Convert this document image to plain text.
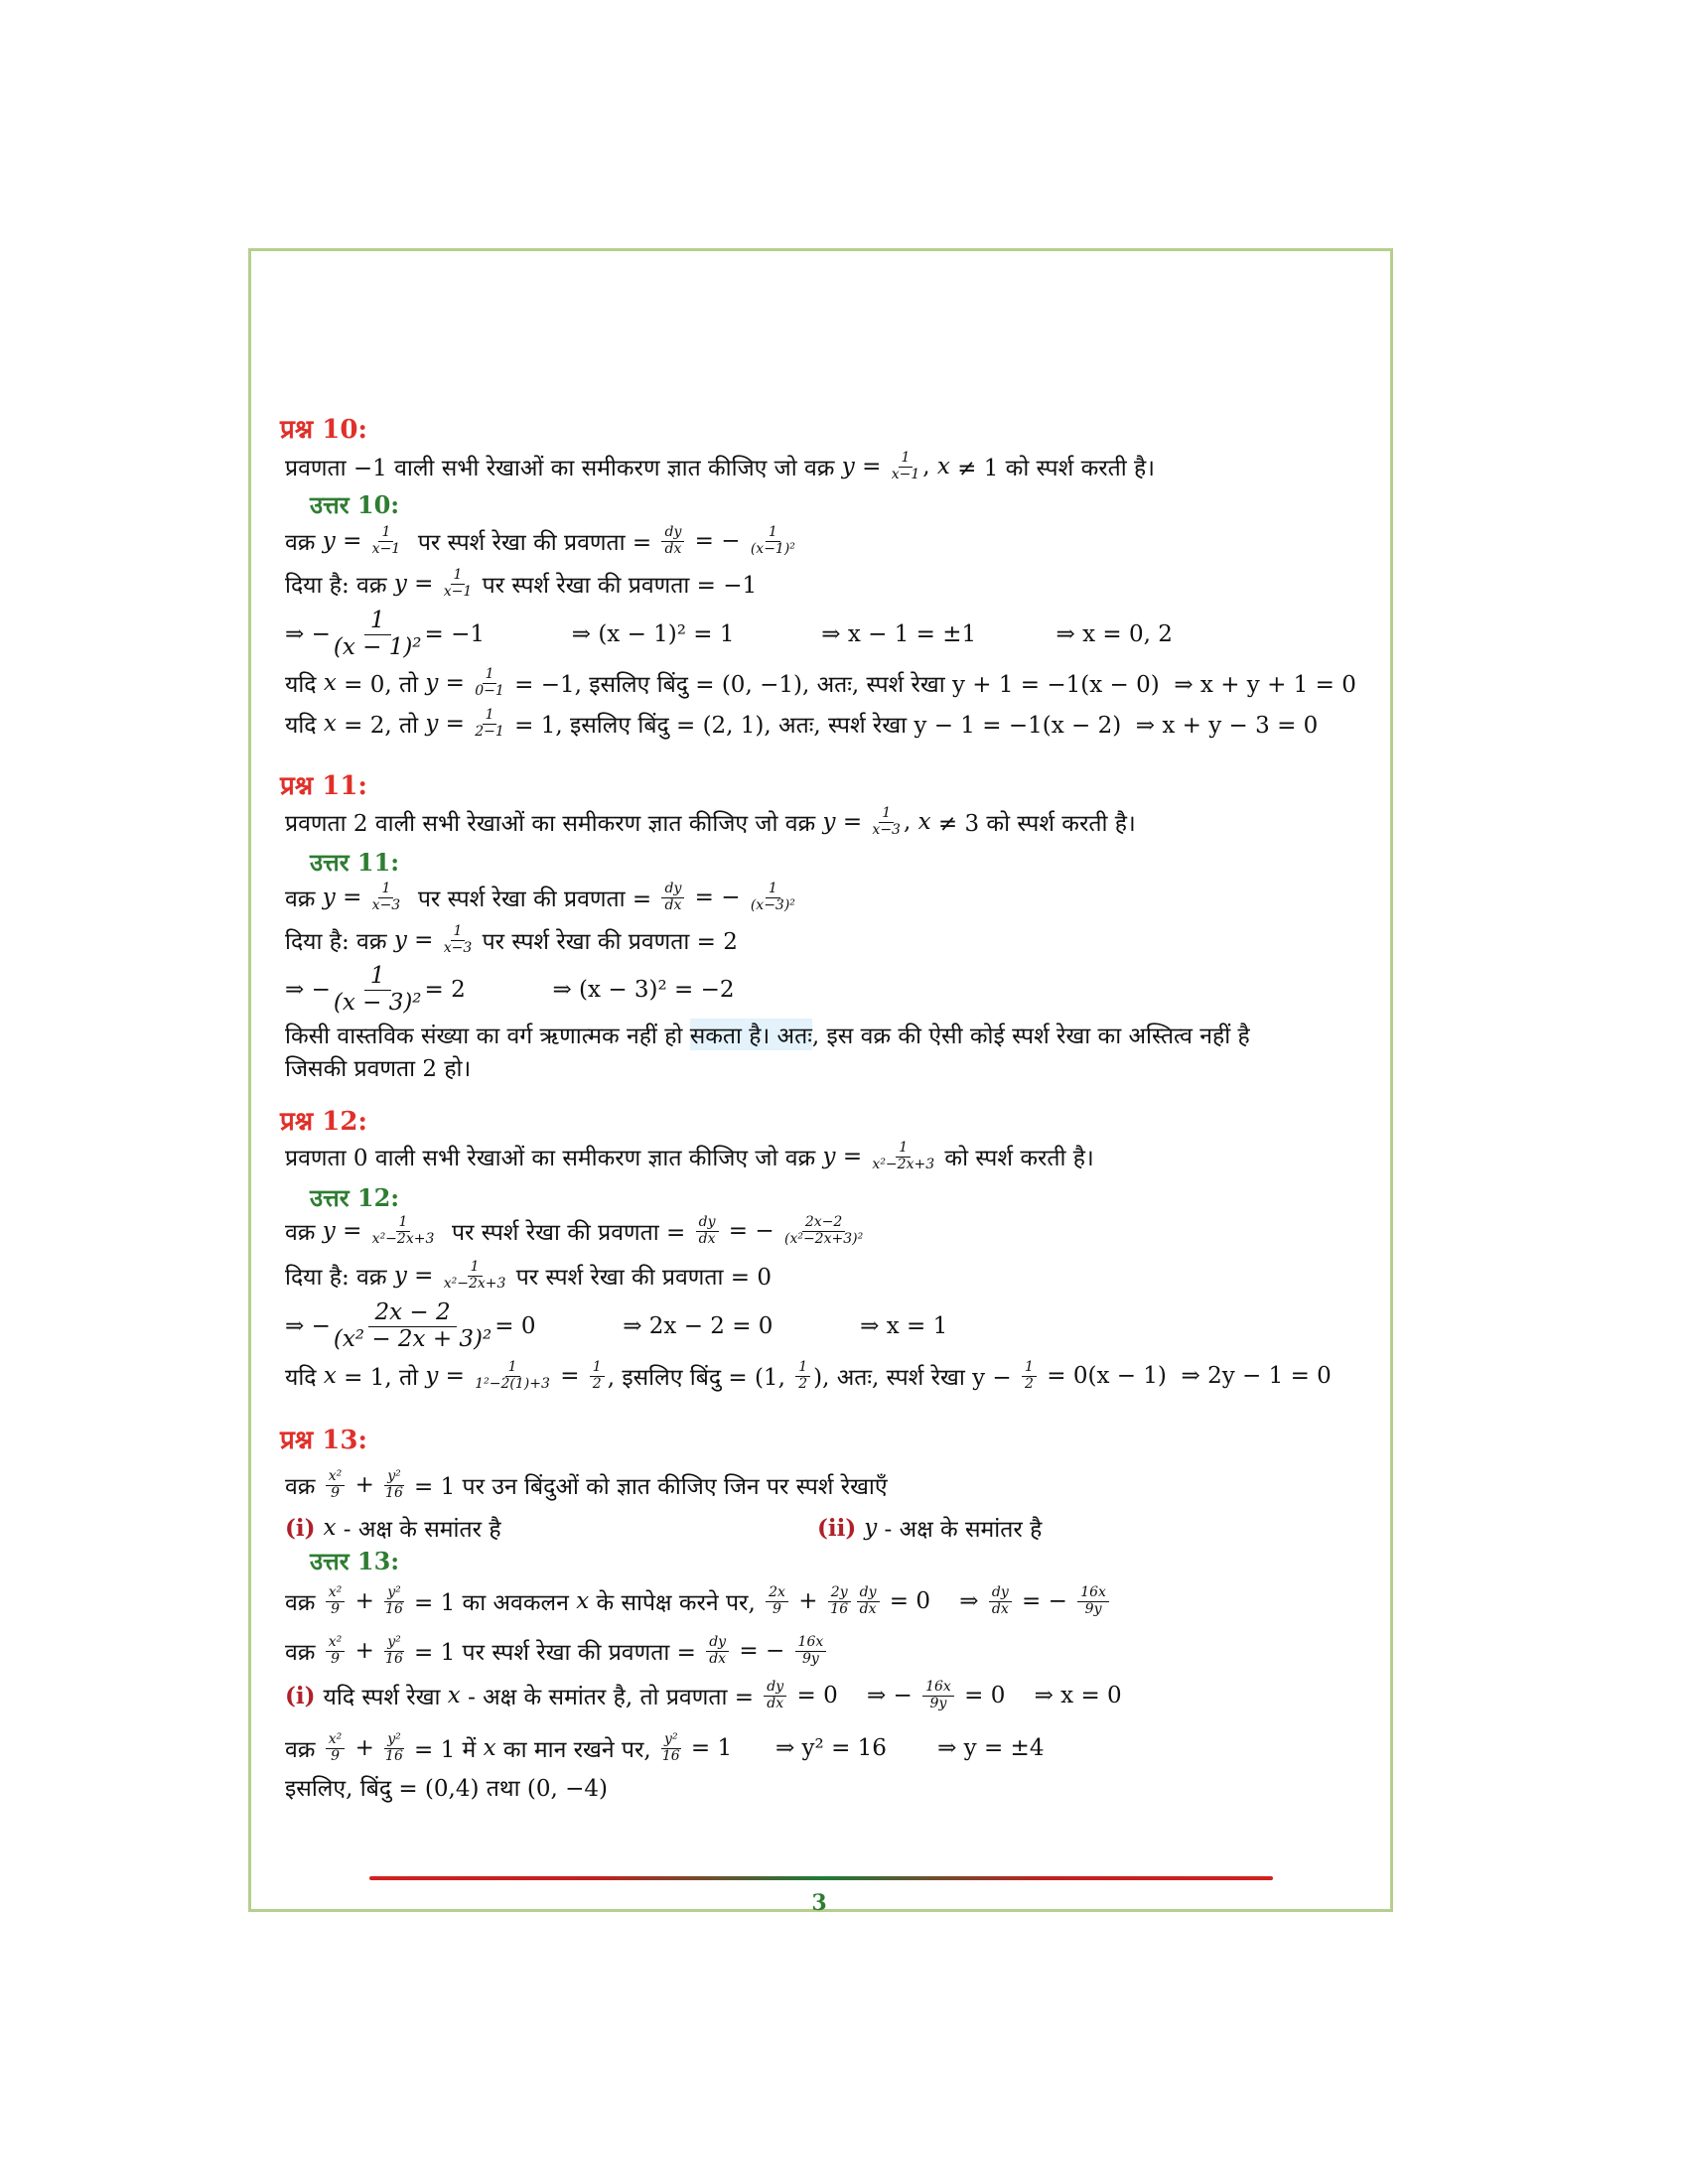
प्रश्न 10:
प्रवणता −1 वाली सभी रेखाओं का समीकरण ज्ञात कीजिए जो वक्र $y = \frac{1}{x-1}$ , x ≠ 1 को स्पर्श करती है।
उत्तर 10:
वक्र $y = \frac{1}{x-1}$ पर स्पर्श रेखा की प्रवणता = $\frac{dy}{dx}$ = − $\frac{1}{\text{(x−1)²}}$
दिया है: वक्र $y = \frac{1}{x-1}$ पर स्पर्श रेखा की प्रवणता = −1
⇒ − $\frac{1}{\text{(x − 1)²}} = -1$            ⇒ (x − 1)² = 1            ⇒ x − 1 = ±1           ⇒ x = 0, 2
यदि x = 0, तो $y = \frac{1}{0-1} = -1$, इसलिए बिंदु = (0, −1), अतः, स्पर्श रेखा y + 1 = −1(x − 0)  ⇒ x + y + 1 = 0
यदि x = 2, तो $y = \frac{1}{2-1} = 1$, इसलिए बिंदु = (2, 1), अतः, स्पर्श रेखा y − 1 = −1(x − 2)  ⇒ x + y − 3 = 0
प्रश्न 11:
प्रवणता 2 वाली सभी रेखाओं का समीकरण ज्ञात कीजिए जो वक्र $y = \frac{1}{x-3}$ , x ≠ 3 को स्पर्श करती है।
उत्तर 11:
वक्र $y = \frac{1}{x-3}$ पर स्पर्श रेखा की प्रवणता = $\frac{dy}{dx}$ = − $\frac{1}{\text{(x−3)²}}$
दिया है: वक्र $y = \frac{1}{x-3}$ पर स्पर्श रेखा की प्रवणता = 2
⇒ − $\frac{1}{\text{(x − 3)²}} = 2$            ⇒ (x − 3)² = −2
किसी वास्तविक संख्या का वर्ग ऋणात्मक नहीं हो सकता है। अतः , इस वक्र की ऐसी कोई स्पर्श रेखा का अस्तित्व नहीं है
जिसकी प्रवणता 2 हो।
प्रश्न 12:
प्रवणता 0 वाली सभी रेखाओं का समीकरण ज्ञात कीजिए जो वक्र $y = \frac{1}{\text{x²−2x+3}}$ को स्पर्श करती है।
उत्तर 12:
वक्र $y = \frac{1}{\text{x²−2x+3}}$ पर स्पर्श रेखा की प्रवणता = $\frac{dy}{dx}$ = − $\frac{2x-2}{\text{(x²−2x+3)²}}$
दिया है: वक्र $y = \frac{1}{\text{x²−2x+3}}$ पर स्पर्श रेखा की प्रवणता = 0
⇒ − $\frac{2x - 2}{\text{(x² − 2x + 3)²}} = 0$            ⇒ 2x − 2 = 0            ⇒ x = 1
यदि x = 1, तो $y = \frac{1}{\text{1²−2(1)+3}} = \frac{1}{2}$ , इसलिए बिंदु = (1, $\frac{1}{2}$ ), अतः, स्पर्श रेखा $y - \frac{1}{2} = 0(x - 1)$  ⇒ 2y − 1 = 0
प्रश्न 13:
वक्र $\frac{\text{x²}}{9} + \frac{\text{y²}}{16} = 1$ पर उन बिंदुओं को ज्ञात कीजिए जिन पर स्पर्श रेखाएँ
(i) x - अक्ष के समांतर है	(ii) y - अक्ष के समांतर है
उत्तर 13:
वक्र $\frac{\text{x²}}{9} + \frac{\text{y²}}{16} = 1$ का अवकलन x के सापेक्ष करने पर, $\frac{2x}{9} + \frac{2y}{16} \frac{dy}{dx} = 0$    ⇒ $\frac{dy}{dx}$ = − $\frac{16x}{9y}$
वक्र $\frac{\text{x²}}{9} + \frac{\text{y²}}{16} = 1$ पर स्पर्श रेखा की प्रवणता = $\frac{dy}{dx}$ = − $\frac{16x}{9y}$
(i) यदि स्पर्श रेखा x - अक्ष के समांतर है, तो प्रवणता = $\frac{dy}{dx} = 0$    ⇒ − $\frac{16x}{9y} = 0$    ⇒ x = 0
वक्र $\frac{\text{x²}}{9} + \frac{\text{y²}}{16} = 1$ में x का मान रखने पर, $\frac{\text{y²}}{16} = 1$      ⇒ y² = 16       ⇒ y = ±4
इसलिए, बिंदु = (0,4) तथा (0, −4)
3
